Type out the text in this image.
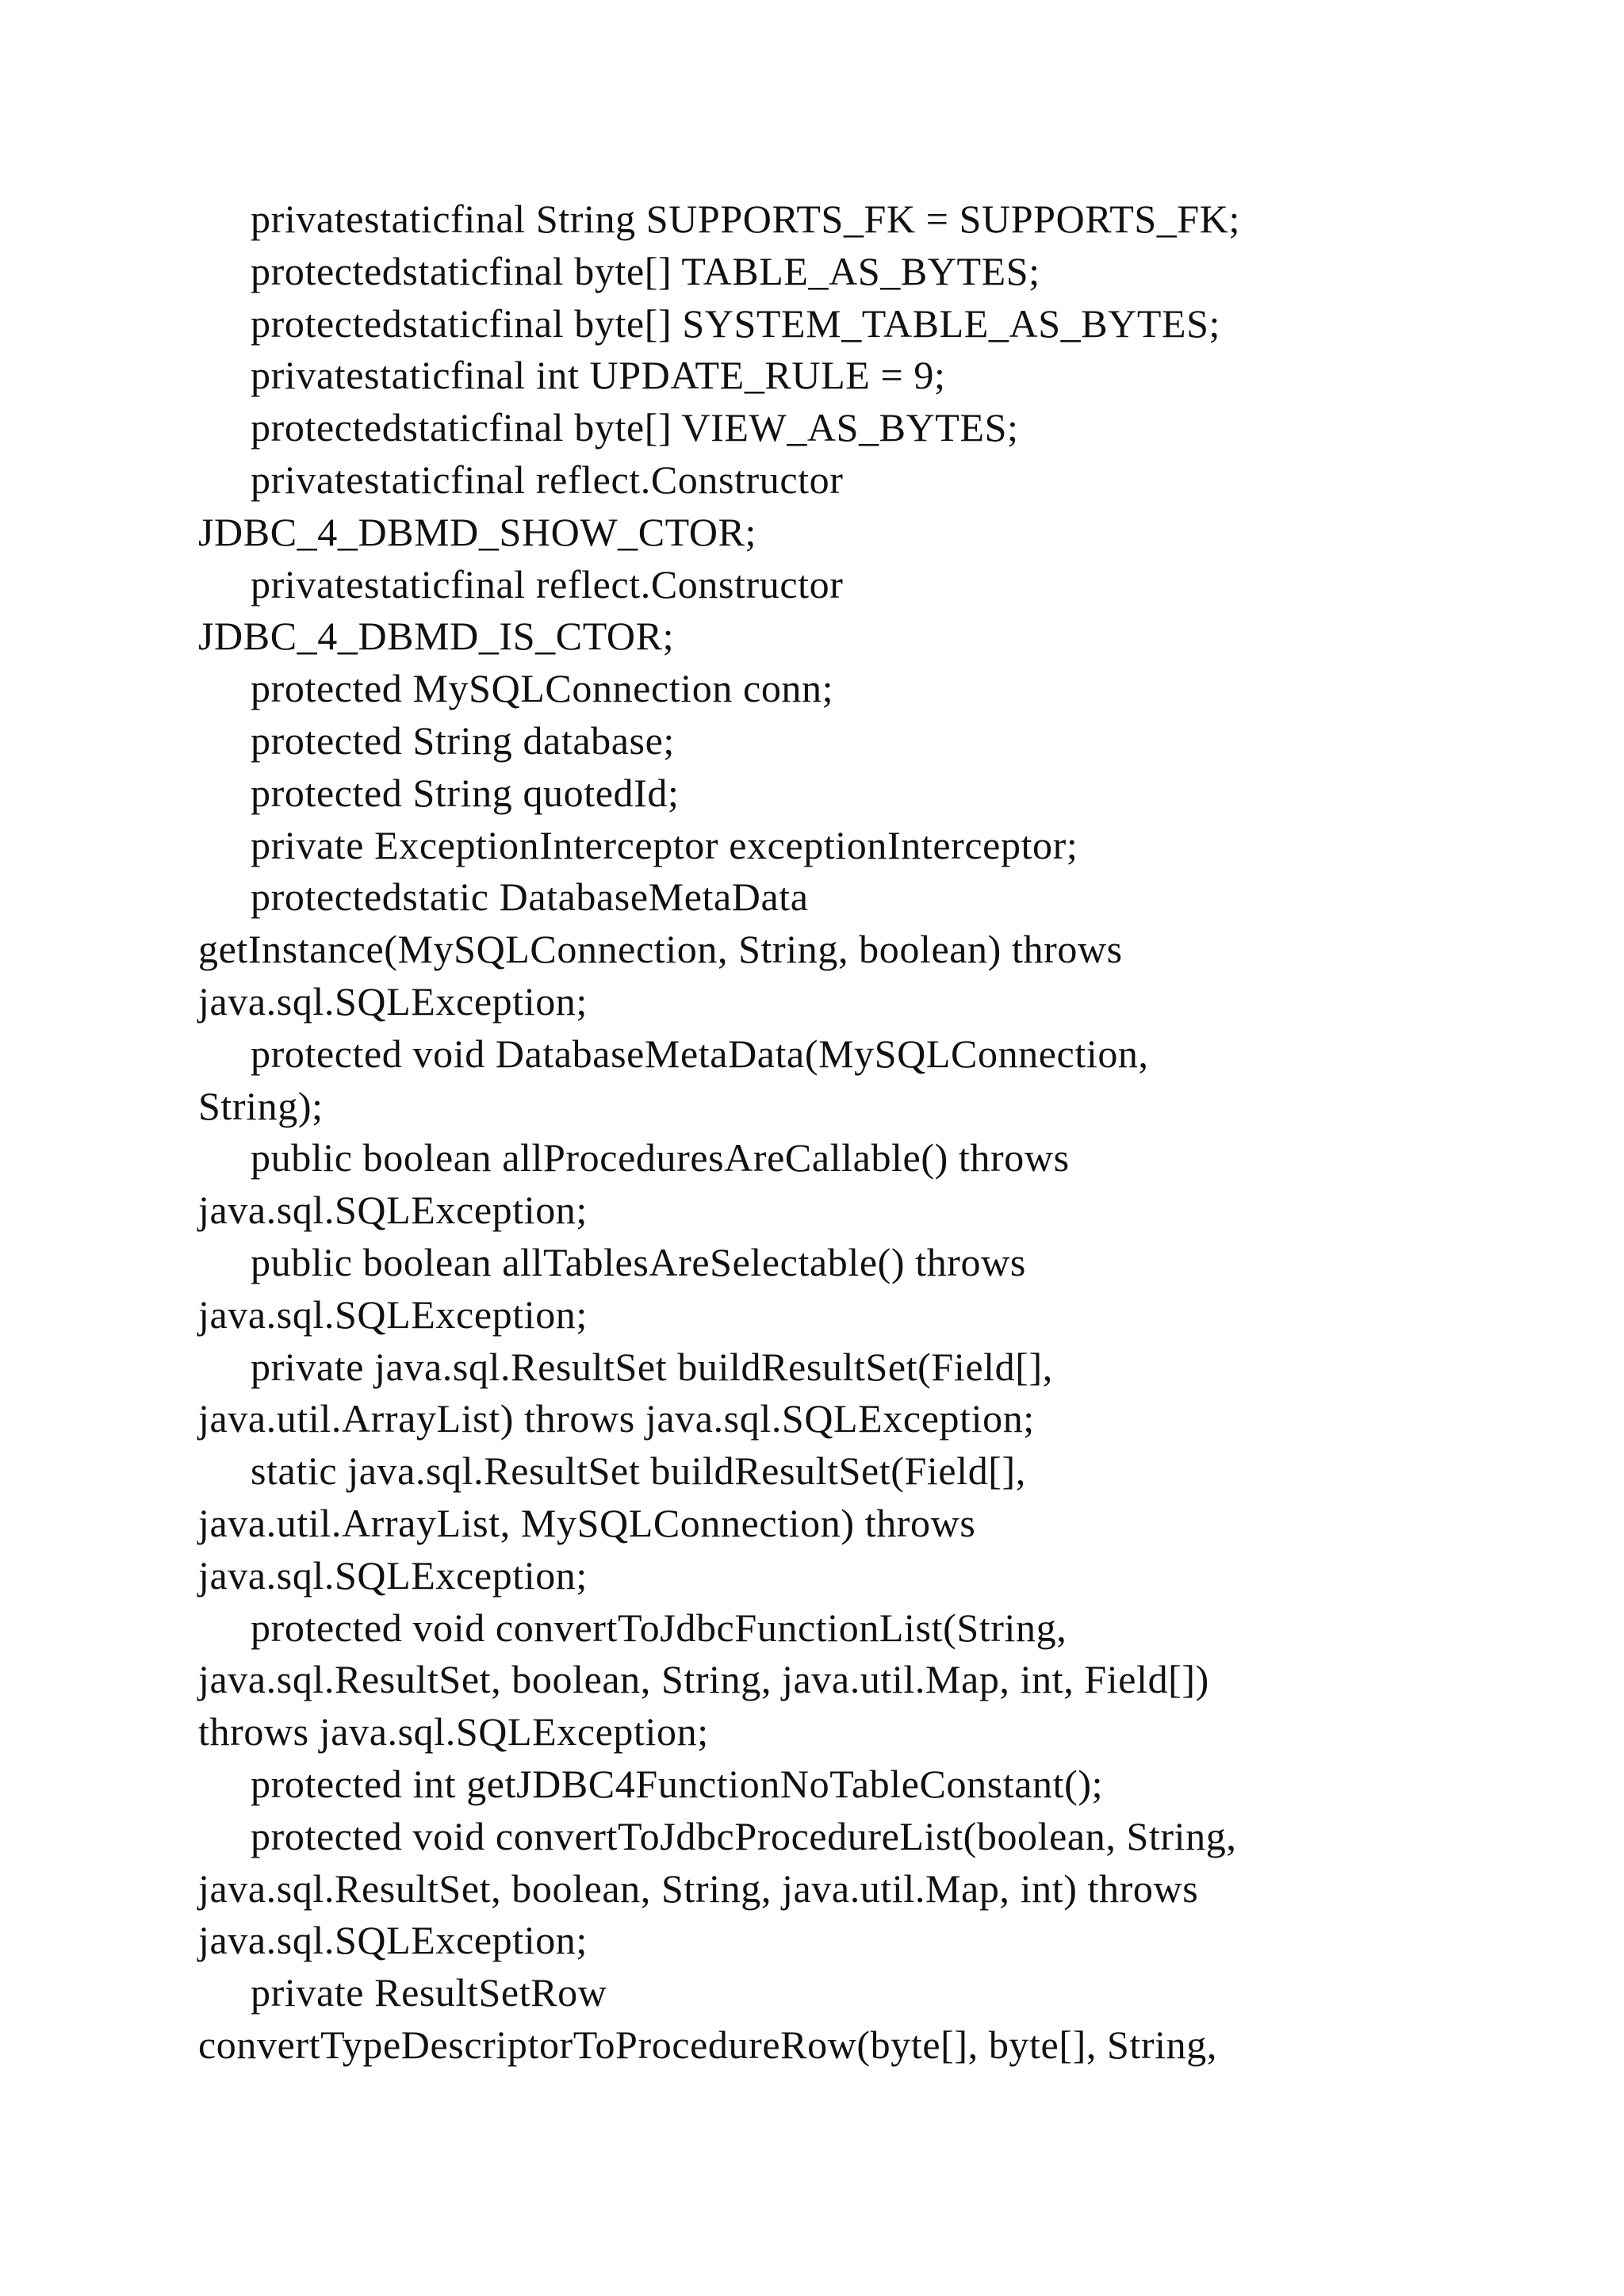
privatestaticfinal String SUPPORTS_FK = SUPPORTS_FK;
protectedstaticfinal byte[] TABLE_AS_BYTES;
protectedstaticfinal byte[] SYSTEM_TABLE_AS_BYTES;
privatestaticfinal int UPDATE_RULE = 9;
protectedstaticfinal byte[] VIEW_AS_BYTES;
privatestaticfinal reflect.Constructor
JDBC_4_DBMD_SHOW_CTOR;
privatestaticfinal reflect.Constructor
JDBC_4_DBMD_IS_CTOR;
protected MySQLConnection conn;
protected String database;
protected String quotedId;
private ExceptionInterceptor exceptionInterceptor;
protectedstatic DatabaseMetaData
getInstance(MySQLConnection, String, boolean) throws
java.sql.SQLException;
protected void DatabaseMetaData(MySQLConnection,
String);
public boolean allProceduresAreCallable() throws
java.sql.SQLException;
public boolean allTablesAreSelectable() throws
java.sql.SQLException;
private java.sql.ResultSet buildResultSet(Field[],
java.util.ArrayList) throws java.sql.SQLException;
static java.sql.ResultSet buildResultSet(Field[],
java.util.ArrayList, MySQLConnection) throws
java.sql.SQLException;
protected void convertToJdbcFunctionList(String,
java.sql.ResultSet, boolean, String, java.util.Map, int, Field[])
throws java.sql.SQLException;
protected int getJDBC4FunctionNoTableConstant();
protected void convertToJdbcProcedureList(boolean, String,
java.sql.ResultSet, boolean, String, java.util.Map, int) throws
java.sql.SQLException;
private ResultSetRow
convertTypeDescriptorToProcedureRow(byte[], byte[], String,
